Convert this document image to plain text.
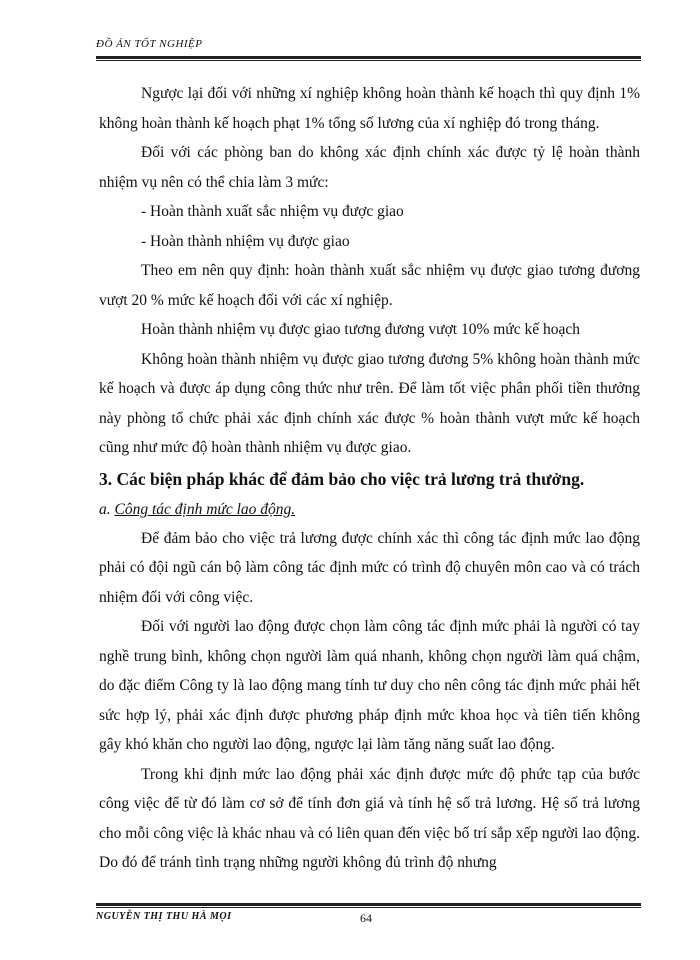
ĐỒ ÁN TỐT NGHIỆP

Ngược lại đối với những xí nghiệp không hoàn thành kế hoạch thì quy định 1% không hoàn thành kế hoạch phạt 1% tổng số lương của xí nghiệp đó trong tháng.

Đối với các phòng ban do không xác định chính xác được tỷ lệ hoàn thành nhiệm vụ nên có thể chia làm 3 mức:

- Hoàn thành xuất sắc nhiệm vụ được giao

- Hoàn thành nhiệm vụ được giao

Theo em nên quy định: hoàn thành xuất sắc nhiệm vụ được giao tương đương vượt 20 % mức kế hoạch đối với các xí nghiệp.

Hoàn thành nhiệm vụ được giao tương đương vượt 10% mức kế hoạch

Không hoàn thành nhiệm vụ được giao tương đương 5% không hoàn thành mức kế hoạch và được áp dụng công thức như trên. Để làm tốt việc phân phối tiền thưởng này phòng tổ chức phải xác định chính xác được % hoàn thành vượt mức kế hoạch cũng như mức độ hoàn thành nhiệm vụ được giao.

3. Các biện pháp khác để đảm bảo cho việc trả lương trả thưởng.
a. Công tác định mức lao động.

Để đảm bảo cho việc trả lương được chính xác thì công tác định mức lao động phải có đội ngũ cán bộ làm công tác định mức có trình độ chuyên môn cao và có trách nhiệm đối với công việc.

Đối với người lao động được chọn làm công tác định mức phải là người có tay nghề trung bình, không chọn người làm quá nhanh, không chọn người làm quá chậm, do đặc điểm Công ty là lao động mang tính tư duy cho nên công tác định mức phải hết sức hợp lý, phải xác định được phương pháp định mức khoa học và tiên tiến không gây khó khăn cho người lao động, ngược lại làm tăng năng suất lao động.

Trong khi định mức lao động phải xác định được mức độ phức tạp của bước công việc để từ đó làm cơ sở để tính đơn giá và tính hệ số trả lương. Hệ số trả lương cho mỗi công việc là khác nhau và có liên quan đến việc bố trí sắp xếp người lao động. Do đó để tránh tình trạng những người không đủ trình độ nhưng

NGUYỄN THỊ THU HÀ MỌI	64
